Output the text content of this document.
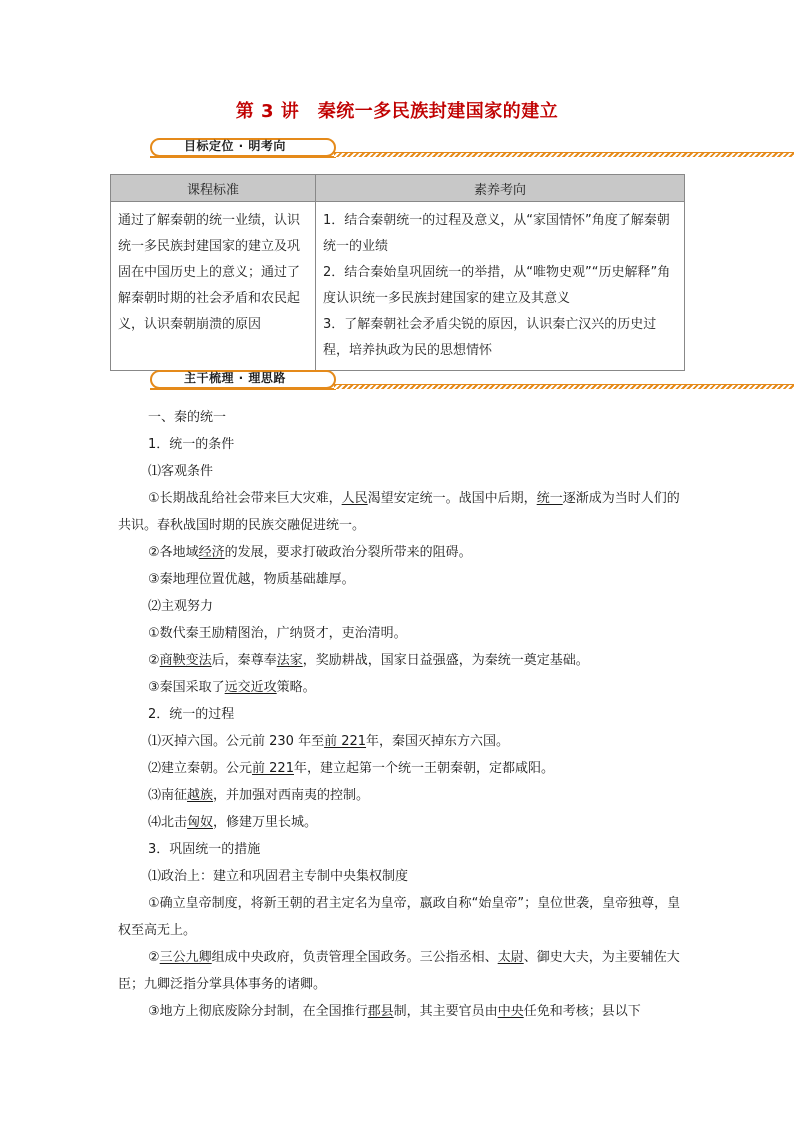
第 3 讲　秦统一多民族封建国家的建立
目标定位 · 明考向
课程标准	素养考向
通过了解秦朝的统一业绩，认识统一多民族封建国家的建立及巩固在中国历史上的意义；通过了解秦朝时期的社会矛盾和农民起义，认识秦朝崩溃的原因	1．结合秦朝统一的过程及意义，从“家国情怀”角度了解秦朝统一的业绩
2．结合秦始皇巩固统一的举措，从“唯物史观”“历史解释”角度认识统一多民族封建国家的建立及其意义
3．了解秦朝社会矛盾尖锐的原因，认识秦亡汉兴的历史过程，培养执政为民的思想情怀
主干梳理 · 理思路

一、秦的统一

1．统一的条件

⑴客观条件

①长期战乱给社会带来巨大灾难，人民渴望安定统一。战国中后期，统一逐渐成为当时人们的共识。春秋战国时期的民族交融促进统一。

②各地域经济的发展，要求打破政治分裂所带来的阻碍。

③秦地理位置优越，物质基础雄厚。

⑵主观努力

①数代秦王励精图治，广纳贤才，吏治清明。

②商鞅变法后，秦尊奉法家，奖励耕战，国家日益强盛，为秦统一奠定基础。

③秦国采取了远交近攻策略。

2．统一的过程

⑴灭掉六国。公元前 230 年至前 221年，秦国灭掉东方六国。

⑵建立秦朝。公元前 221年，建立起第一个统一王朝秦朝，定都咸阳。

⑶南征越族，并加强对西南夷的控制。

⑷北击匈奴，修建万里长城。

3．巩固统一的措施

⑴政治上：建立和巩固君主专制中央集权制度

①确立皇帝制度，将新王朝的君主定名为皇帝，嬴政自称“始皇帝”；皇位世袭，皇帝独尊，皇权至高无上。

②三公九卿组成中央政府，负责管理全国政务。三公指丞相、太尉、御史大夫，为主要辅佐大臣；九卿泛指分掌具体事务的诸卿。

③地方上彻底废除分封制，在全国推行郡县制，其主要官员由中央任免和考核；县以下
